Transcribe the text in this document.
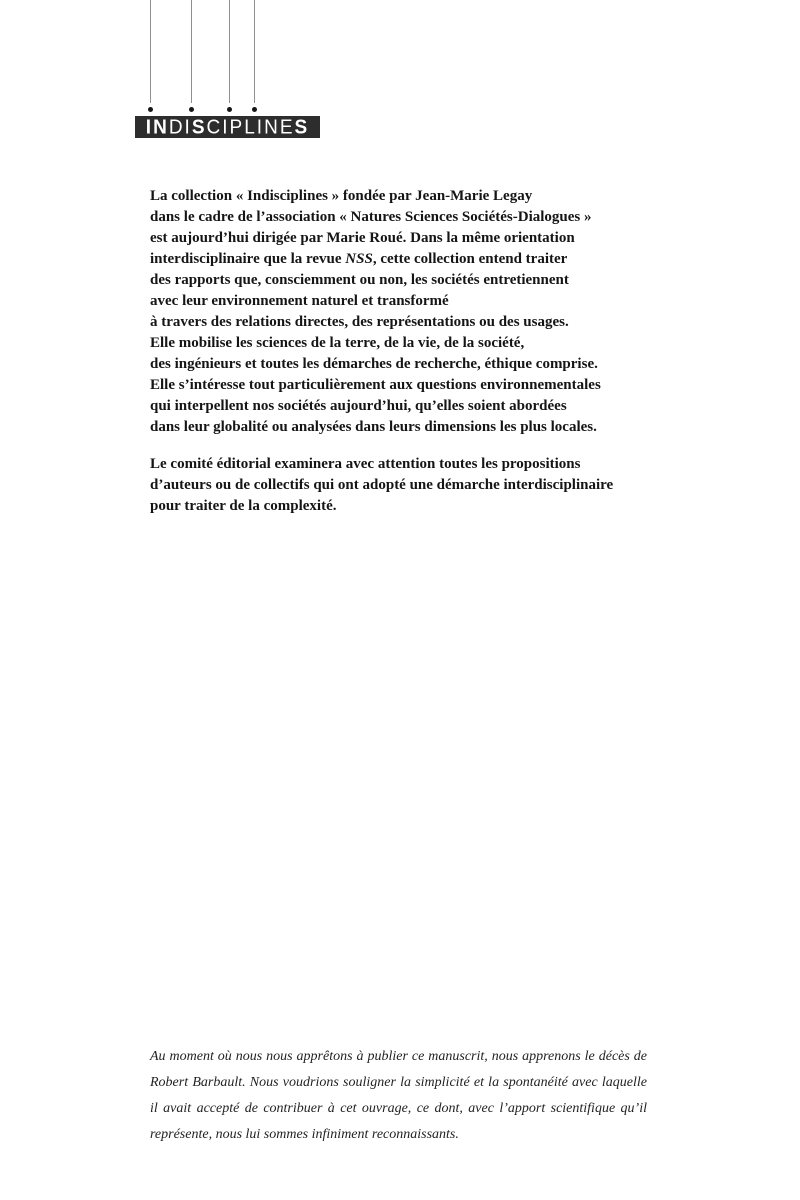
INDISCIPLINES
La collection « Indisciplines » fondée par Jean-Marie Legay
dans le cadre de l’association « Natures Sciences Sociétés-Dialogues »
est aujourd’hui dirigée par Marie Roué. Dans la même orientation
interdisciplinaire que la revue NSS, cette collection entend traiter
des rapports que, consciemment ou non, les sociétés entretiennent
avec leur environnement naturel et transformé
à travers des relations directes, des représentations ou des usages.
Elle mobilise les sciences de la terre, de la vie, de la société,
des ingénieurs et toutes les démarches de recherche, éthique comprise.
Elle s’intéresse tout particulièrement aux questions environnementales
qui interpellent nos sociétés aujourd’hui, qu’elles soient abordées
dans leur globalité ou analysées dans leurs dimensions les plus locales.
Le comité éditorial examinera avec attention toutes les propositions
d’auteurs ou de collectifs qui ont adopté une démarche interdisciplinaire
pour traiter de la complexité.
Au moment où nous nous apprêtons à publier ce manuscrit, nous apprenons le décès de
Robert Barbault. Nous voudrions souligner la simplicité et la spontanéité avec laquelle
il avait accepté de contribuer à cet ouvrage, ce dont, avec l’apport scientifique qu’il
représente, nous lui sommes infiniment reconnaissants.
